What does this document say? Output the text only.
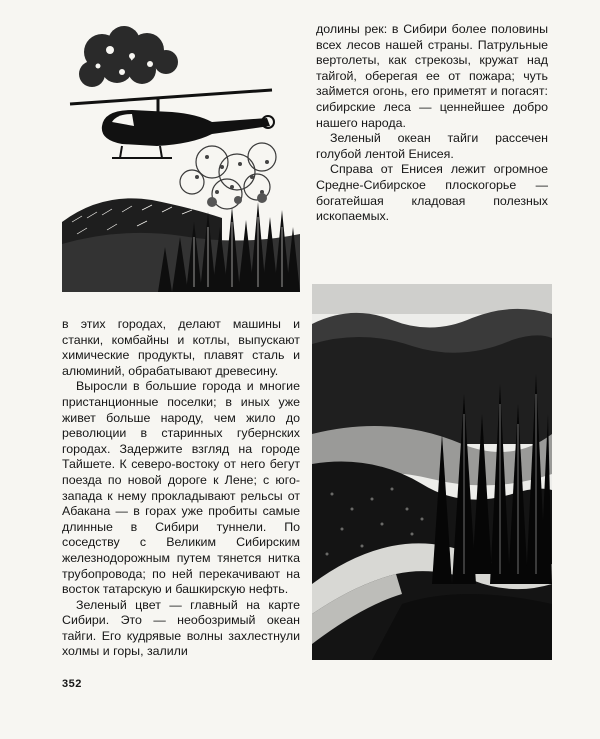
долины рек: в Сибири более половины всех лесов нашей страны. Патрульные вертолеты, как стрекозы, кружат над тайгой, оберегая ее от пожара; чуть займется огонь, его приметят и погасят: сибирские леса — ценнейшее добро нашего народа.

Зеленый океан тайги рассечен голубой лентой Енисея.

Справа от Енисея лежит огромное Средне-Сибирское плоскогорье — богатейшая кладовая полезных ископаемых.

в этих городах, делают машины и станки, комбайны и котлы, выпускают химические продукты, плавят сталь и алюминий, обрабатывают древесину.

Выросли в большие города и многие пристанционные поселки; в иных уже живет больше народу, чем жило до революции в старинных губернских городах. Задержите взгляд на городе Тайшете. К северо-востоку от него бегут поезда по новой дороге к Лене; с юго-запада к нему прокладывают рельсы от Абакана — в горах уже пробиты самые длинные в Сибири туннели. По соседству с Великим Сибирским железнодорожным путем тянется нитка трубопровода; по ней перекачивают на восток татарскую и башкирскую нефть.

Зеленый цвет — главный на карте Сибири. Это — необозримый океан тайги. Его кудрявые волны захлестнули холмы и горы, залили

352
